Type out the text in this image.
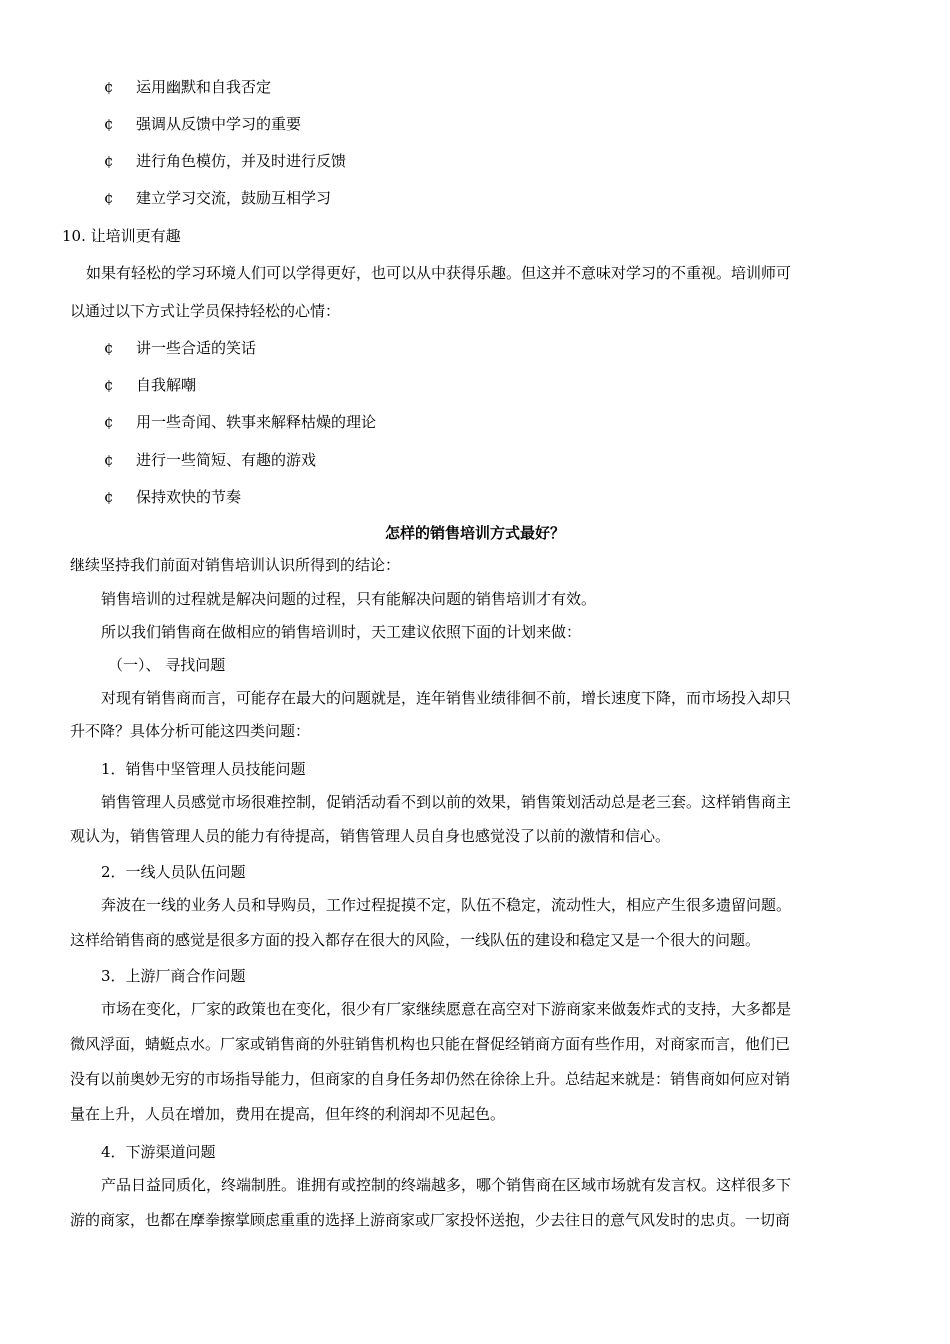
¢ 运用幽默和自我否定
¢ 强调从反馈中学习的重要
¢ 进行角色模仿，并及时进行反馈
¢ 建立学习交流，鼓励互相学习
10. 让培训更有趣
如果有轻松的学习环境人们可以学得更好，也可以从中获得乐趣。但这并不意味对学习的不重视。培训师可
以通过以下方式让学员保持轻松的心情：
¢ 讲一些合适的笑话
¢ 自我解嘲
¢ 用一些奇闻、轶事来解释枯燥的理论
¢ 进行一些简短、有趣的游戏
¢ 保持欢快的节奏
怎样的销售培训方式最好？
继续坚持我们前面对销售培训认识所得到的结论：
销售培训的过程就是解决问题的过程，只有能解决问题的销售培训才有效。
所以我们销售商在做相应的销售培训时，天工建议依照下面的计划来做：
（一）、 寻找问题
对现有销售商而言，可能存在最大的问题就是，连年销售业绩徘徊不前，增长速度下降，而市场投入却只
升不降？具体分析可能这四类问题：
1．销售中坚管理人员技能问题
销售管理人员感觉市场很难控制，促销活动看不到以前的效果，销售策划活动总是老三套。这样销售商主
观认为，销售管理人员的能力有待提高，销售管理人员自身也感觉没了以前的激情和信心。
2．一线人员队伍问题
奔波在一线的业务人员和导购员，工作过程捉摸不定，队伍不稳定，流动性大，相应产生很多遗留问题。
这样给销售商的感觉是很多方面的投入都存在很大的风险，一线队伍的建设和稳定又是一个很大的问题。
3．上游厂商合作问题
市场在变化，厂家的政策也在变化，很少有厂家继续愿意在高空对下游商家来做轰炸式的支持，大多都是
微风浮面，蜻蜓点水。厂家或销售商的外驻销售机构也只能在督促经销商方面有些作用，对商家而言，他们已
没有以前奥妙无穷的市场指导能力，但商家的自身任务却仍然在徐徐上升。总结起来就是：销售商如何应对销
量在上升，人员在增加，费用在提高，但年终的利润却不见起色。
4．下游渠道问题
产品日益同质化，终端制胜。谁拥有或控制的终端越多，哪个销售商在区域市场就有发言权。这样很多下
游的商家，也都在摩拳擦掌顾虑重重的选择上游商家或厂家投怀送抱，少去往日的意气风发时的忠贞。一切商
